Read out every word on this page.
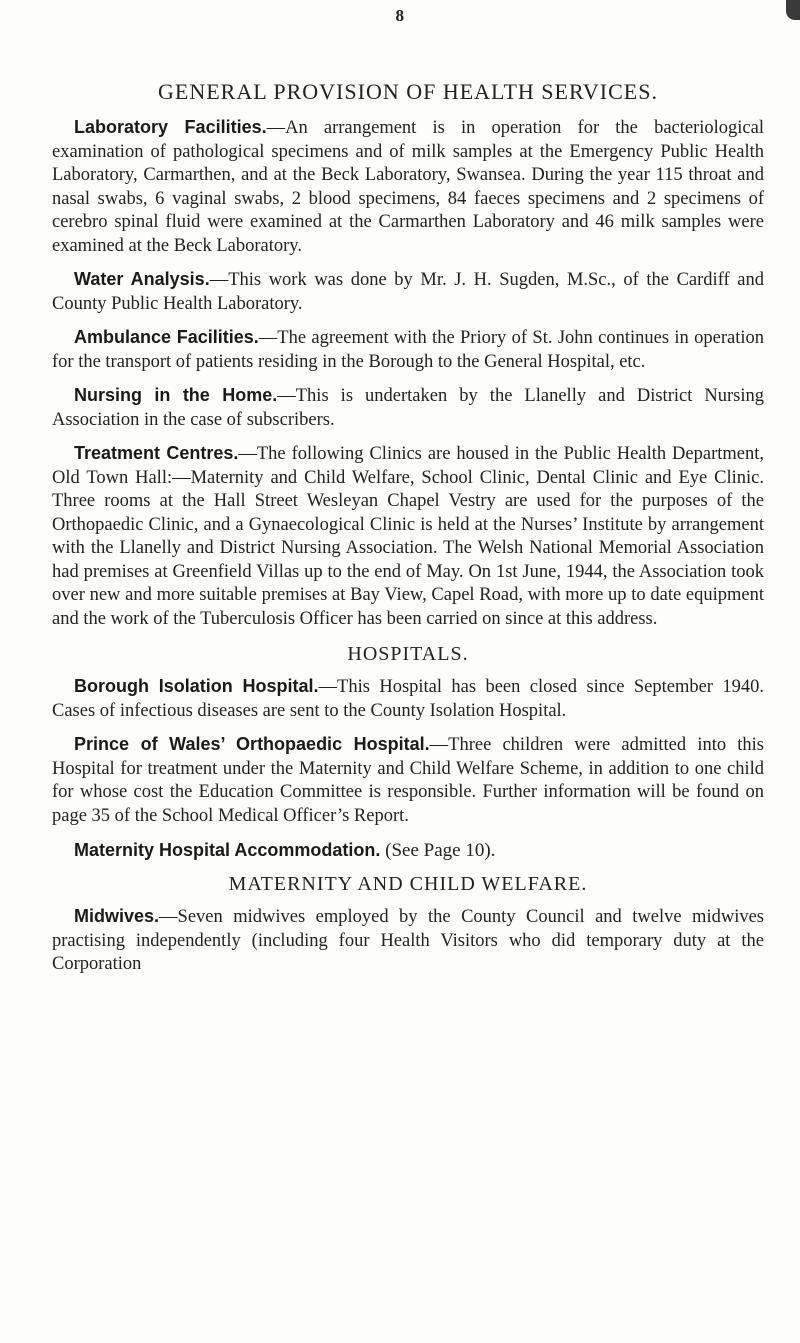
8
GENERAL PROVISION OF HEALTH SERVICES.

Laboratory Facilities.—An arrangement is in operation for the bacteriological examination of pathological specimens and of milk samples at the Emergency Public Health Laboratory, Carmarthen, and at the Beck Laboratory, Swansea. During the year 115 throat and nasal swabs, 6 vaginal swabs, 2 blood specimens, 84 faeces specimens and 2 specimens of cerebro spinal fluid were examined at the Carmarthen Laboratory and 46 milk samples were examined at the Beck Laboratory.

Water Analysis.—This work was done by Mr. J. H. Sugden, M.Sc., of the Cardiff and County Public Health Laboratory.

Ambulance Facilities.—The agreement with the Priory of St. John continues in operation for the transport of patients residing in the Borough to the General Hospital, etc.

Nursing in the Home.—This is undertaken by the Llanelly and District Nursing Association in the case of subscribers.

Treatment Centres.—The following Clinics are housed in the Public Health Department, Old Town Hall:—Maternity and Child Welfare, School Clinic, Dental Clinic and Eye Clinic. Three rooms at the Hall Street Wesleyan Chapel Vestry are used for the purposes of the Orthopaedic Clinic, and a Gynaecological Clinic is held at the Nurses’ Institute by arrangement with the Llanelly and District Nursing Association. The Welsh National Memorial Association had premises at Greenfield Villas up to the end of May. On 1st June, 1944, the Association took over new and more suitable premises at Bay View, Capel Road, with more up to date equipment and the work of the Tuberculosis Officer has been carried on since at this address.

HOSPITALS.

Borough Isolation Hospital.—This Hospital has been closed since September 1940. Cases of infectious diseases are sent to the County Isolation Hospital.

Prince of Wales’ Orthopaedic Hospital.—Three children were admitted into this Hospital for treatment under the Maternity and Child Welfare Scheme, in addition to one child for whose cost the Education Committee is responsible. Further information will be found on page 35 of the School Medical Officer’s Report.

Maternity Hospital Accommodation. (See Page 10).

MATERNITY AND CHILD WELFARE.

Midwives.—Seven midwives employed by the County Council and twelve midwives practising independently (including four Health Visitors who did temporary duty at the Corporation
